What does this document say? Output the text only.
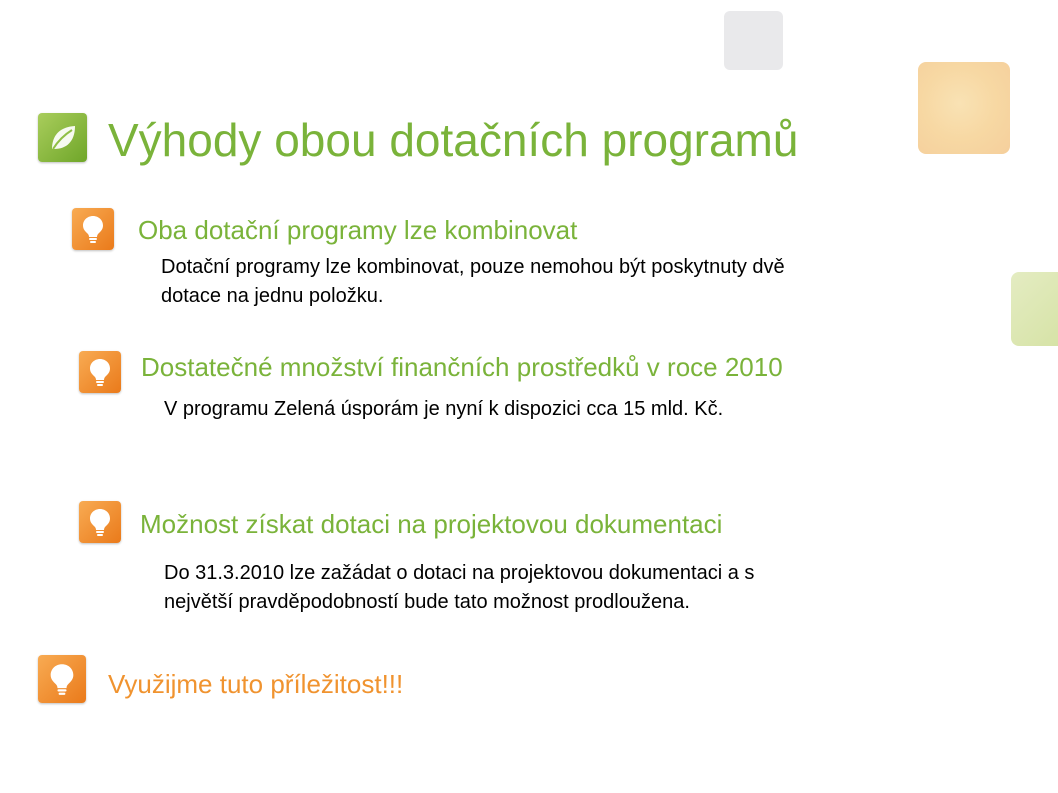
Výhody obou dotačních programů
Oba dotační programy lze kombinovat

Dotační programy lze kombinovat, pouze nemohou být poskytnuty dvě

dotace na jednu položku.

Dostatečné množství finančních prostředků v roce 2010

V programu Zelená úsporám je nyní k dispozici cca 15 mld. Kč.

Možnost získat dotaci na projektovou dokumentaci

Do 31.3.2010 lze zažádat o dotaci na projektovou dokumentaci a s

největší pravděpodobností bude tato možnost prodloužena.

Využijme tuto příležitost!!!
